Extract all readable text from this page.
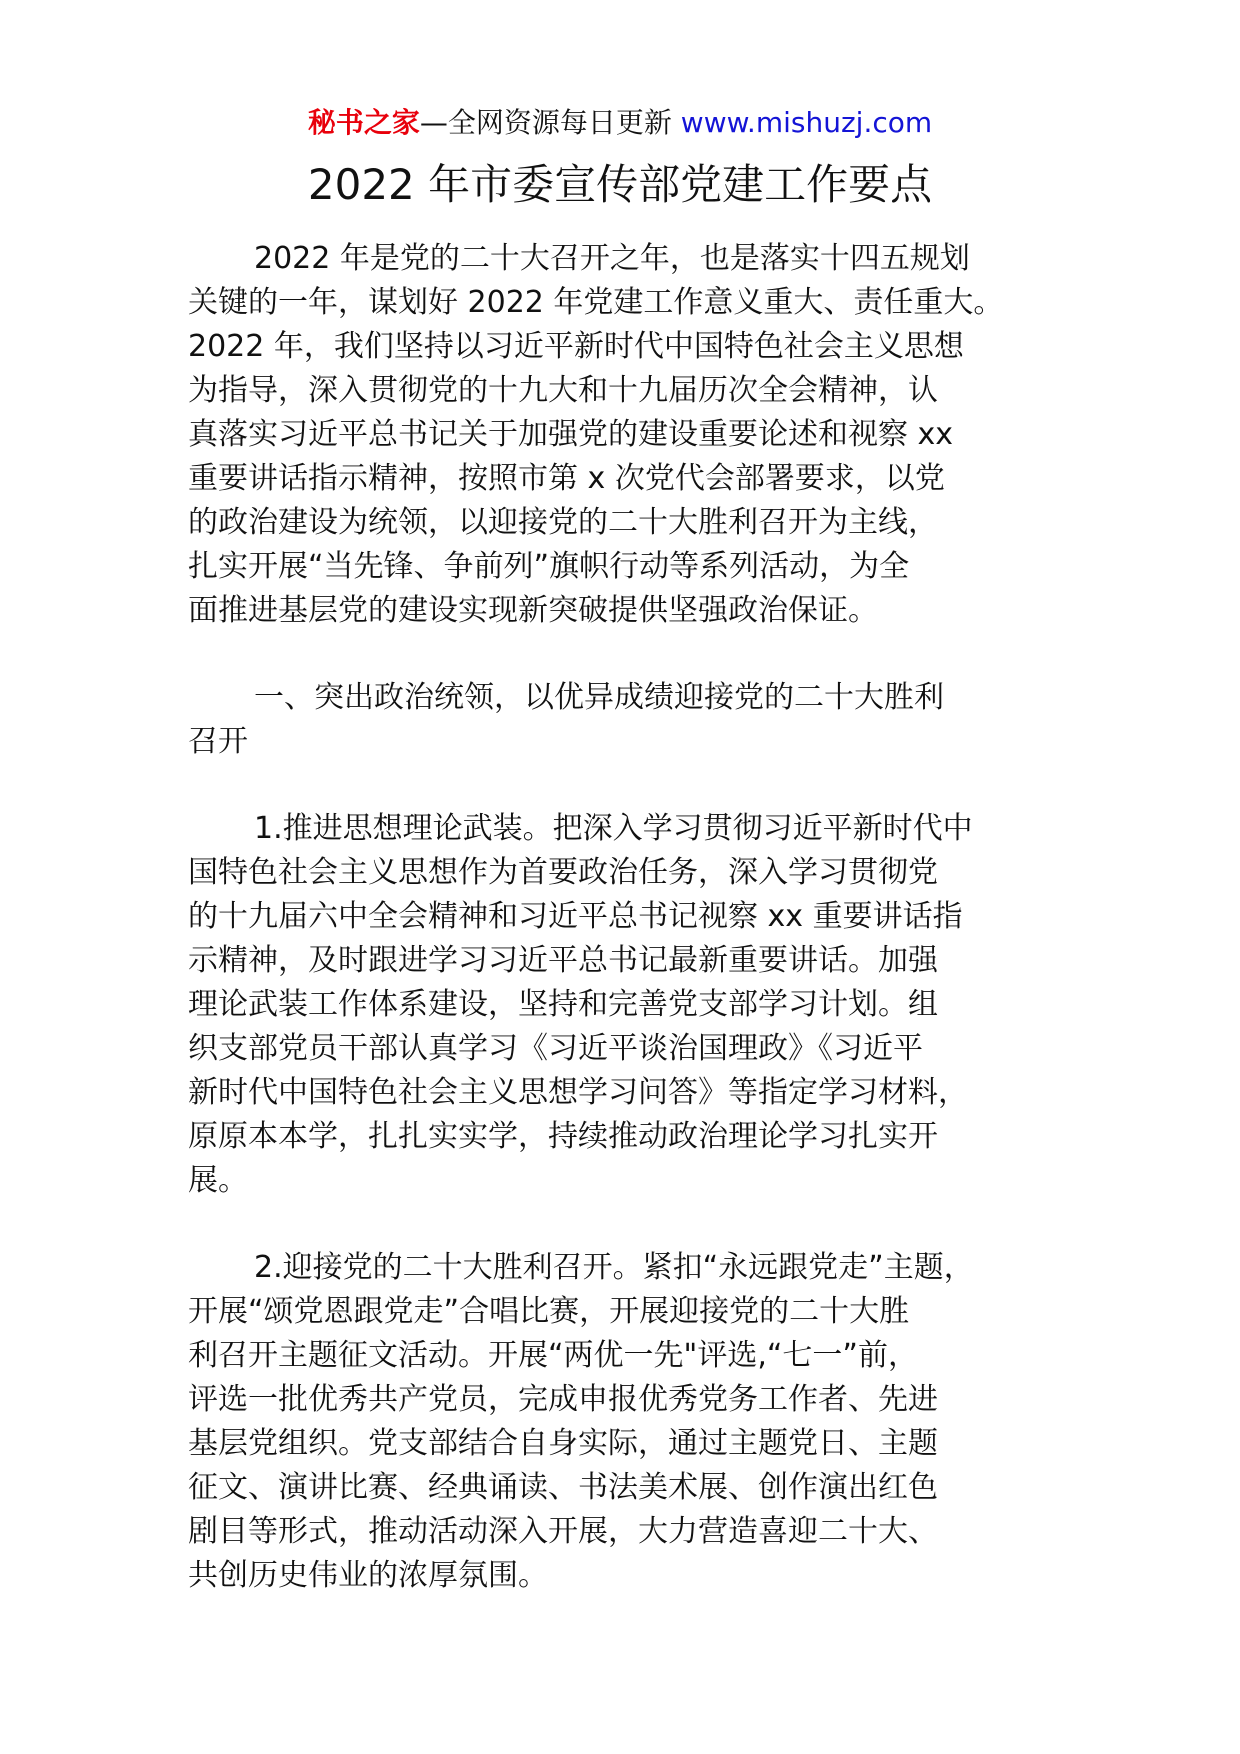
秘书之家—全网资源每日更新 www.mishuzj.com
2022 年市委宣传部党建工作要点
2022 年是党的二十大召开之年，也是落实十四五规划
关键的一年，谋划好 2022 年党建工作意义重大、责任重大。
2022 年，我们坚持以习近平新时代中国特色社会主义思想
为指导，深入贯彻党的十九大和十九届历次全会精神，认
真落实习近平总书记关于加强党的建设重要论述和视察 xx
重要讲话指示精神，按照市第 x 次党代会部署要求，以党
的政治建设为统领，以迎接党的二十大胜利召开为主线，
扎实开展“当先锋、争前列”旗帜行动等系列活动，为全
面推进基层党的建设实现新突破提供坚强政治保证。
一、突出政治统领，以优异成绩迎接党的二十大胜利
召开
1.推进思想理论武装。把深入学习贯彻习近平新时代中
国特色社会主义思想作为首要政治任务，深入学习贯彻党
的十九届六中全会精神和习近平总书记视察 xx 重要讲话指
示精神，及时跟进学习习近平总书记最新重要讲话。加强
理论武装工作体系建设，坚持和完善党支部学习计划。组
织支部党员干部认真学习《习近平谈治国理政》《习近平
新时代中国特色社会主义思想学习问答》等指定学习材料，
原原本本学，扎扎实实学，持续推动政治理论学习扎实开
展。
2.迎接党的二十大胜利召开。紧扣“永远跟党走”主题，
开展“颂党恩跟党走”合唱比赛，开展迎接党的二十大胜
利召开主题征文活动。开展“两优一先"评选,“七一”前，
评选一批优秀共产党员，完成申报优秀党务工作者、先进
基层党组织。党支部结合自身实际，通过主题党日、主题
征文、演讲比赛、经典诵读、书法美术展、创作演出红色
剧目等形式，推动活动深入开展，大力营造喜迎二十大、
共创历史伟业的浓厚氛围。
